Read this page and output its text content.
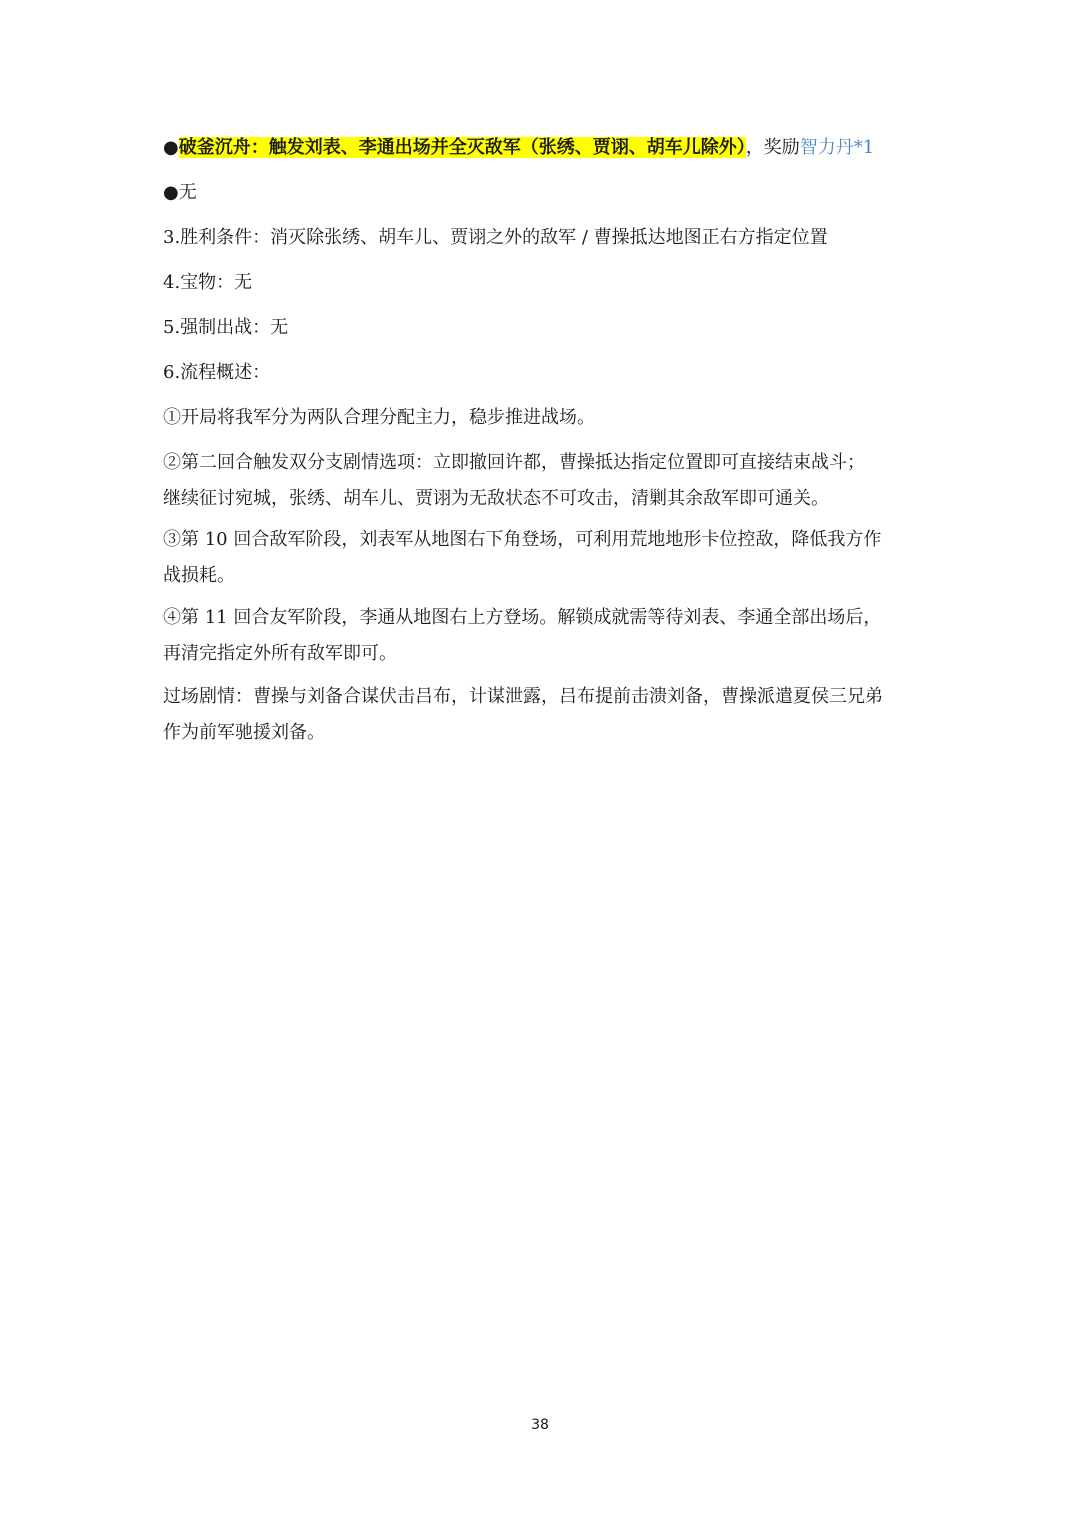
●破釜沉舟：触发刘表、李通出场并全灭敌军（张绣、贾诩、胡车儿除外），奖励智力丹*1
●无
3.胜利条件：消灭除张绣、胡车儿、贾诩之外的敌军 / 曹操抵达地图正右方指定位置
4.宝物：无
5.强制出战：无
6.流程概述：
①开局将我军分为两队合理分配主力，稳步推进战场。
②第二回合触发双分支剧情选项：立即撤回许都，曹操抵达指定位置即可直接结束战斗；
继续征讨宛城，张绣、胡车儿、贾诩为无敌状态不可攻击，清剿其余敌军即可通关。
③第 10 回合敌军阶段，刘表军从地图右下角登场，可利用荒地地形卡位控敌，降低我方作
战损耗。
④第 11 回合友军阶段，李通从地图右上方登场。解锁成就需等待刘表、李通全部出场后，
再清完指定外所有敌军即可。
过场剧情：曹操与刘备合谋伏击吕布，计谋泄露，吕布提前击溃刘备，曹操派遣夏侯三兄弟
作为前军驰援刘备。
38
